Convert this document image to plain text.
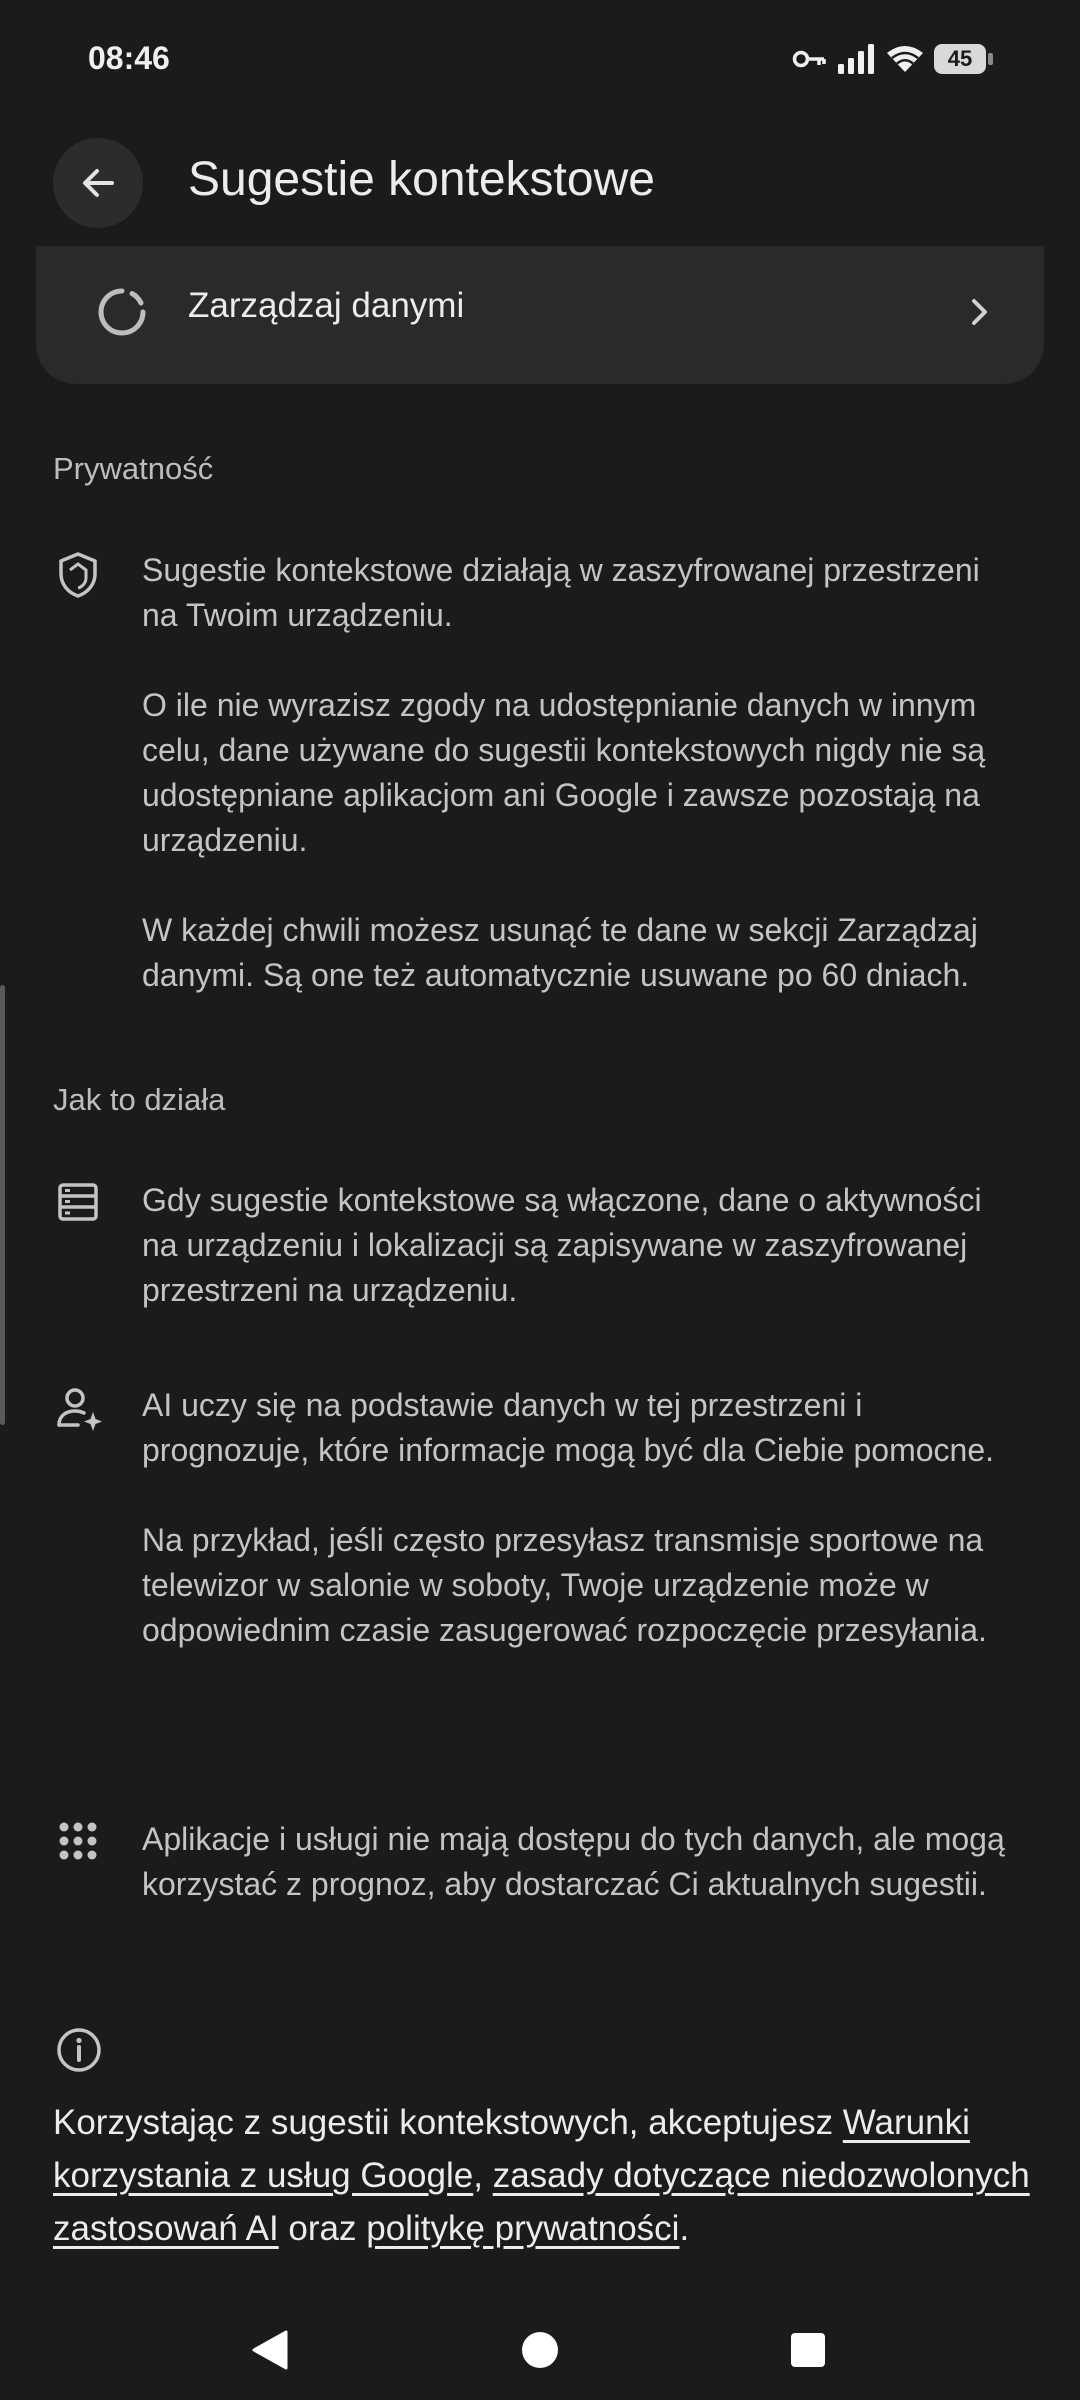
08:46	45
Sugestie kontekstowe
Zarządzaj danymi
Prywatność

Sugestie kontekstowe działają w zaszyfrowanej przestrzeni na Twoim urządzeniu.

O ile nie wyrazisz zgody na udostępnianie danych w innym celu, dane używane do sugestii kontekstowych nigdy nie są udostępniane aplikacjom ani Google i zawsze pozostają na urządzeniu.

W każdej chwili możesz usunąć te dane w sekcji Zarządzaj danymi. Są one też automatycznie usuwane po 60 dniach.

Jak to działa

Gdy sugestie kontekstowe są włączone, dane o aktywności na urządzeniu i lokalizacji są zapisywane w zaszyfrowanej przestrzeni na urządzeniu.

AI uczy się na podstawie danych w tej przestrzeni i prognozuje, które informacje mogą być dla Ciebie pomocne.

Na przykład, jeśli często przesyłasz transmisje sportowe na telewizor w salonie w soboty, Twoje urządzenie może w odpowiednim czasie zasugerować rozpoczęcie przesyłania.

Aplikacje i usługi nie mają dostępu do tych danych, ale mogą korzystać z prognoz, aby dostarczać Ci aktualnych sugestii.

Korzystając z sugestii kontekstowych, akceptujesz Warunki korzystania z usług Google, zasady dotyczące niedozwolonych zastosowań AI oraz politykę prywatności.
